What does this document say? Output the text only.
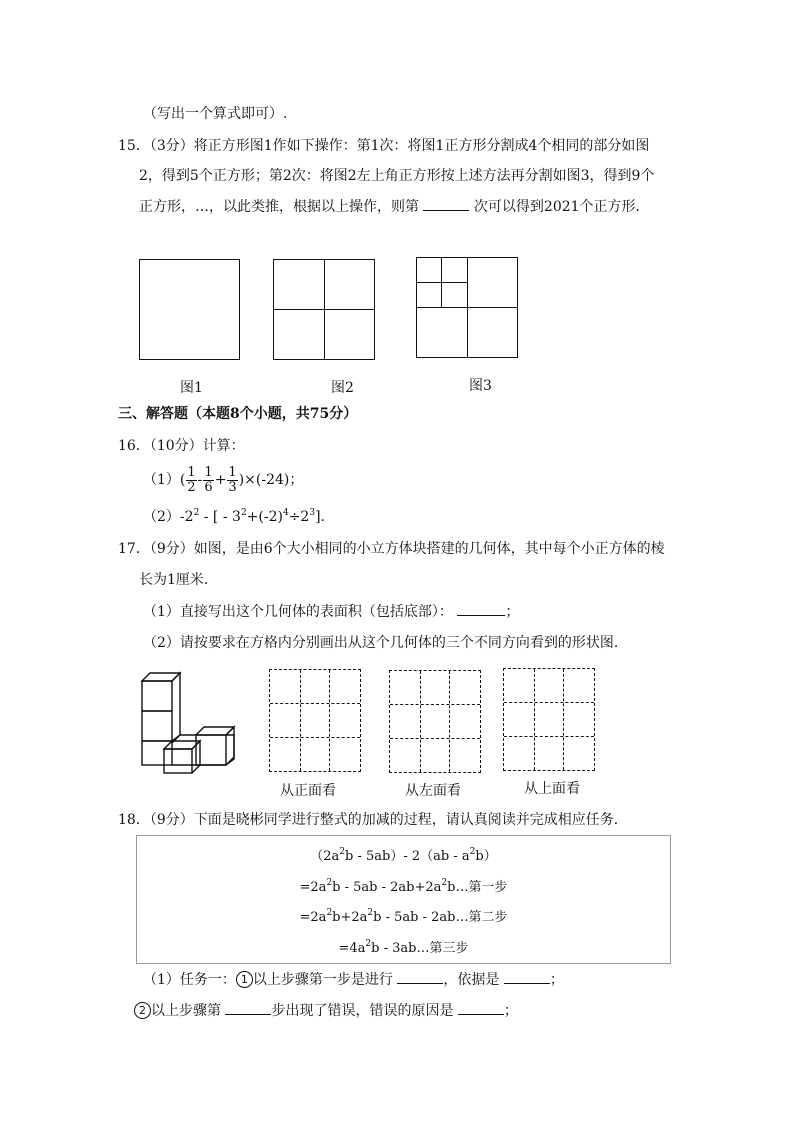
（写出一个算式即可）.
15．（3分）将正方形图1作如下操作：第1次：将图1正方形分割成4个相同的部分如图
2，得到5个正方形；第2次：将图2左上角正方形按上述方法再分割如图3，得到9个
正方形，…，以此类推，根据以上操作，则第	次可以得到2021个正方形．
图1	图2	图3
三、解答题（本题8个小题，共75分）
16．（10分）计算：
$(1)( \frac{1}{2} - \frac{1}{6} + \frac{1}{3} )\times(-24)$；
$(2)-2^2$ - [ - $3^2+(-2)^4\div 2^3$].
17．（9分）如图，是由6个大小相同的小立方体块搭建的几何体，其中每个小正方体的棱
长为1厘米．
（1）直接写出这个几何体的表面积（包括底部）：	；
（2）请按要求在方格内分别画出从这个几何体的三个不同方向看到的形状图．
从正面看	从左面看	从上面看
18．（9分）下面是晓彬同学进行整式的加减的过程，请认真阅读并完成相应任务．
$(2a^2b - 5ab)-$ $2(ab - a^2b)$
$=2a^2b - 5ab$ - $2ab+2a^2b\dots$第一步
$=2a^2b+2a^2b - 5ab$ - 2ab…第二步
$=4a^2b$ - 3ab…第三步
（1）任务一： 1 以上步骤第一步是进行	，依据是	；
2 以上步骤第	步出现了错误，错误的原因是	；
